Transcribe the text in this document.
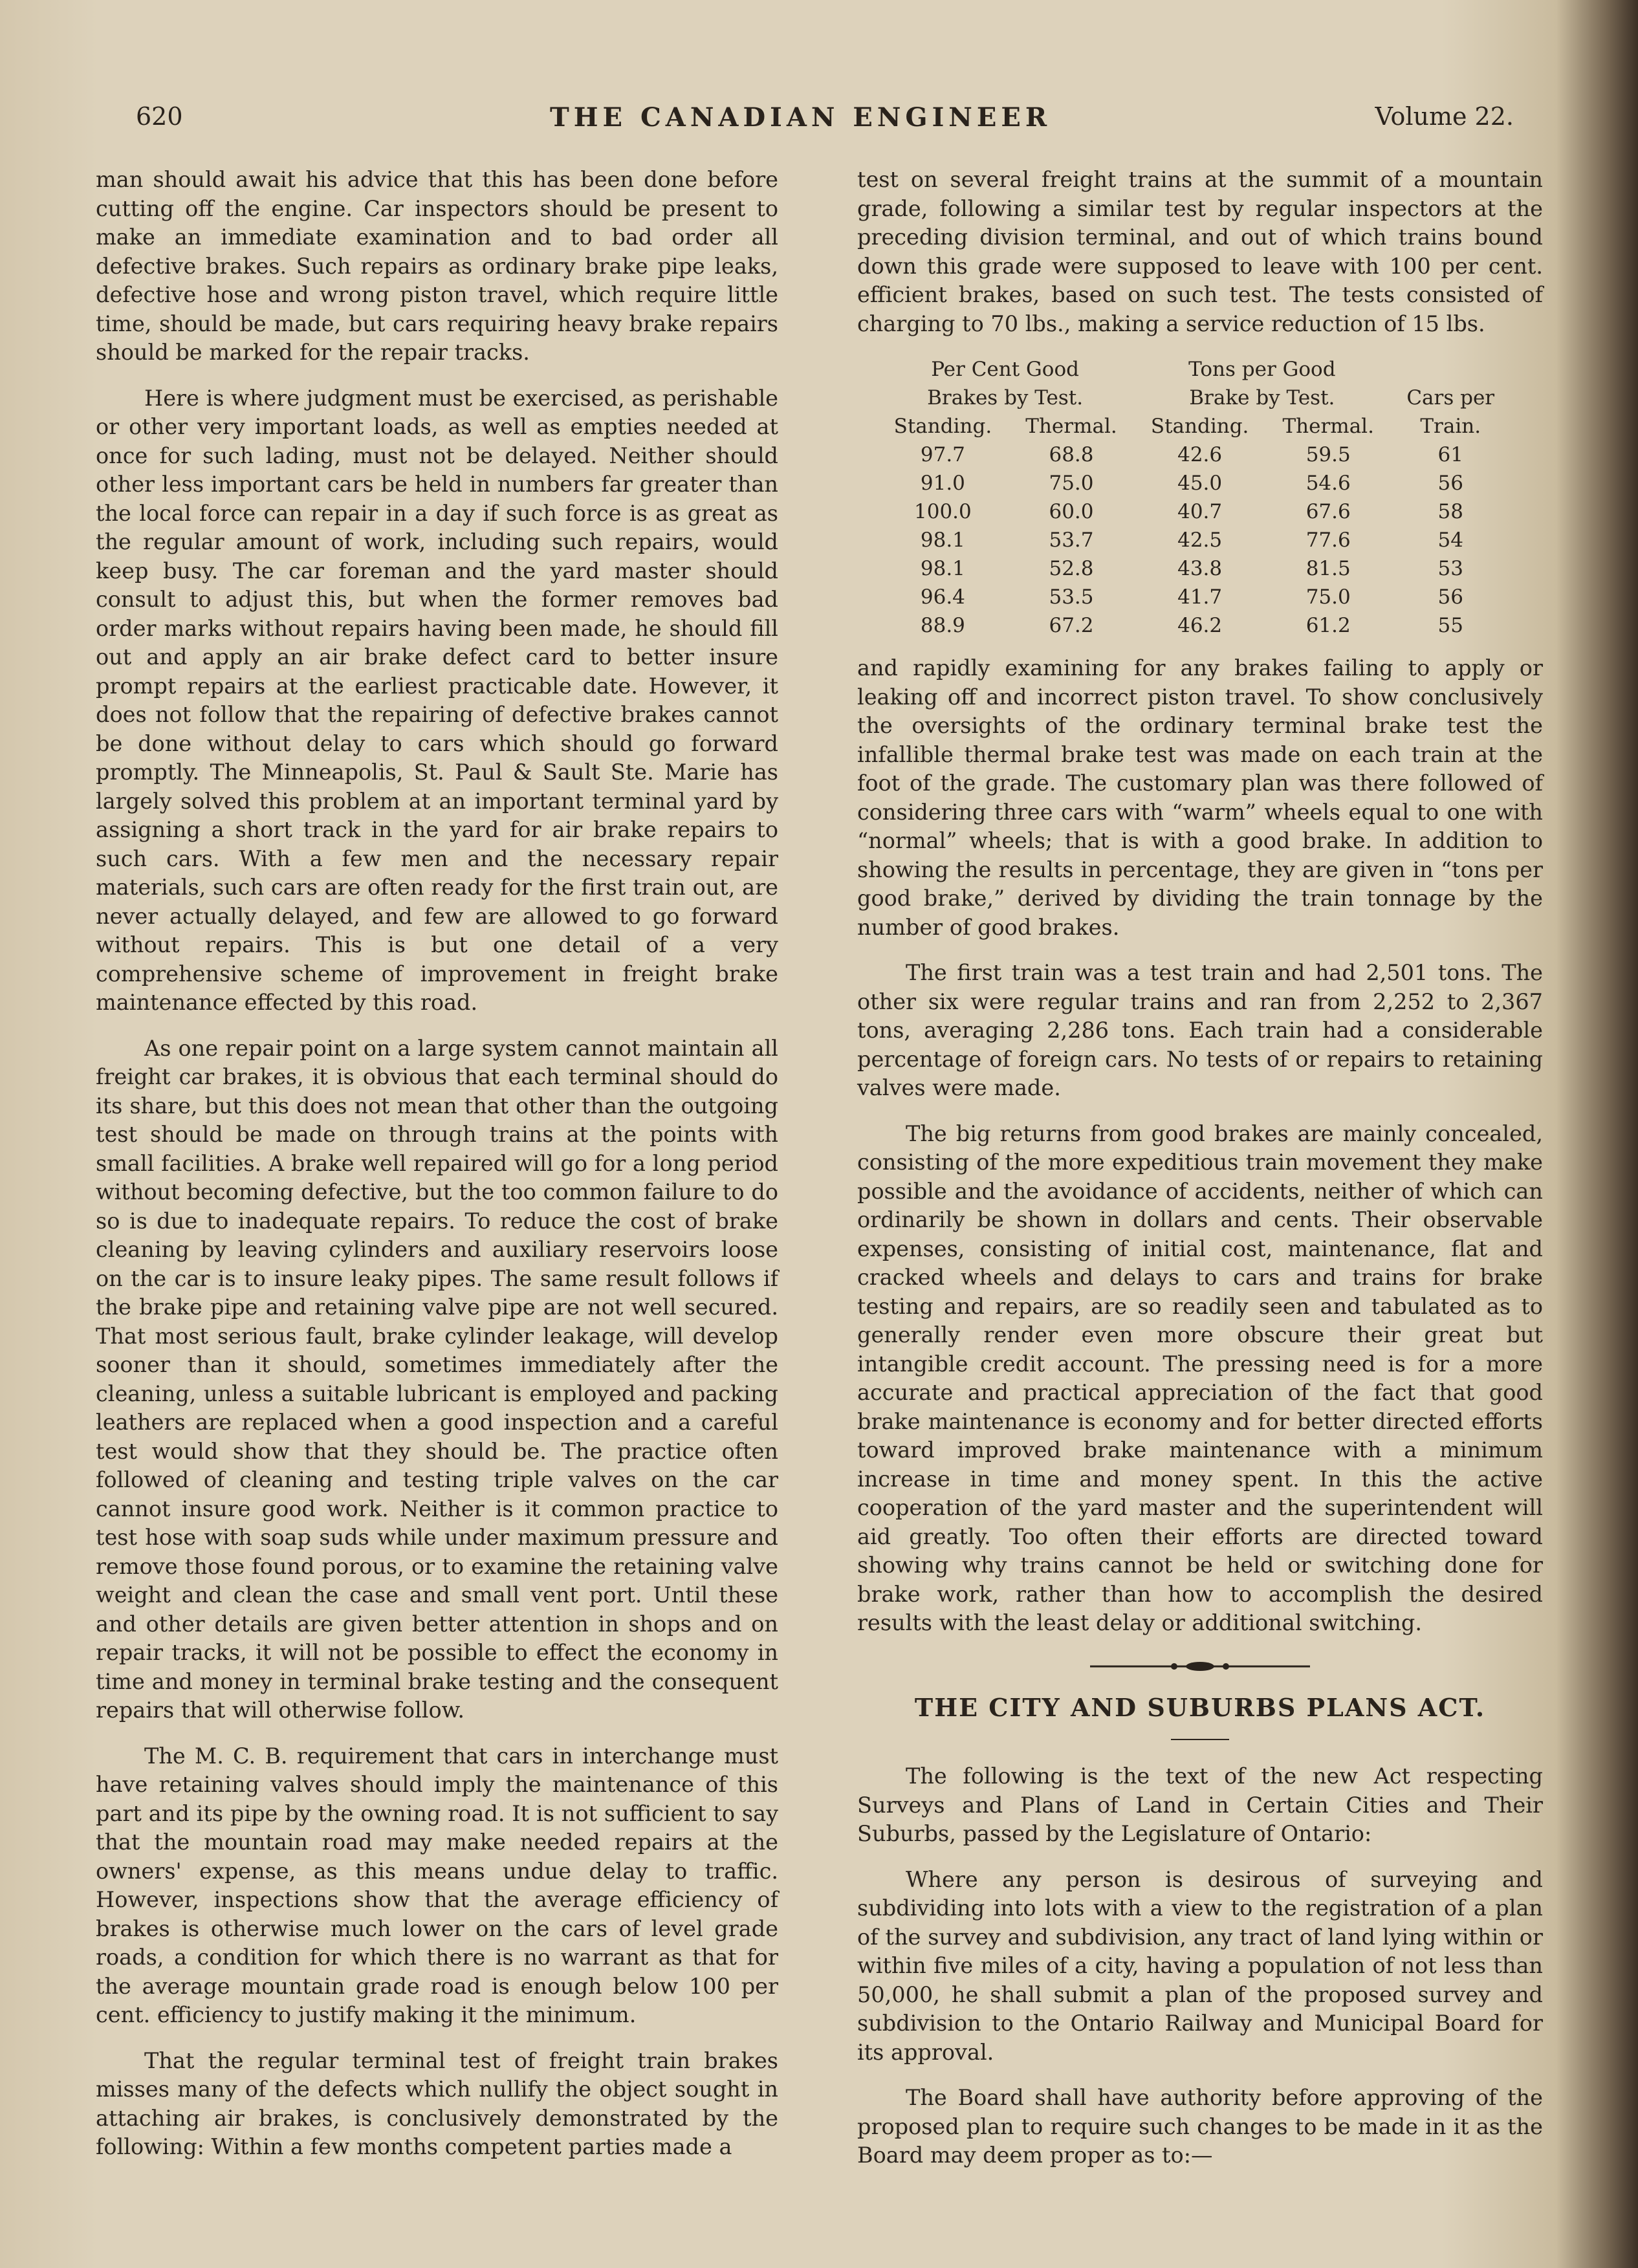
620	THE CANADIAN ENGINEER	Volume 22.

man should await his advice that this has been done before cutting off the engine. Car inspectors should be present to make an immediate examination and to bad order all defective brakes. Such repairs as ordinary brake pipe leaks, defective hose and wrong piston travel, which require little time, should be made, but cars requiring heavy brake repairs should be marked for the repair tracks.

Here is where judgment must be exercised, as perishable or other very important loads, as well as empties needed at once for such lading, must not be delayed. Neither should other less important cars be held in numbers far greater than the local force can repair in a day if such force is as great as the regular amount of work, including such repairs, would keep busy. The car foreman and the yard master should consult to adjust this, but when the former removes bad order marks without repairs having been made, he should fill out and apply an air brake defect card to better insure prompt repairs at the earliest practicable date. However, it does not follow that the repairing of defective brakes cannot be done without delay to cars which should go forward promptly. The Minneapolis, St. Paul & Sault Ste. Marie has largely solved this problem at an important terminal yard by assigning a short track in the yard for air brake repairs to such cars. With a few men and the necessary repair materials, such cars are often ready for the first train out, are never actually delayed, and few are allowed to go forward without repairs. This is but one detail of a very comprehensive scheme of improvement in freight brake maintenance effected by this road.

As one repair point on a large system cannot maintain all freight car brakes, it is obvious that each terminal should do its share, but this does not mean that other than the outgoing test should be made on through trains at the points with small facilities. A brake well repaired will go for a long period without becoming defective, but the too common failure to do so is due to inadequate repairs. To reduce the cost of brake cleaning by leaving cylinders and auxiliary reservoirs loose on the car is to insure leaky pipes. The same result follows if the brake pipe and retaining valve pipe are not well secured. That most serious fault, brake cylinder leakage, will develop sooner than it should, sometimes immediately after the cleaning, unless a suitable lubricant is employed and packing leathers are replaced when a good inspection and a careful test would show that they should be. The practice often followed of cleaning and testing triple valves on the car cannot insure good work. Neither is it common practice to test hose with soap suds while under maximum pressure and remove those found porous, or to examine the retaining valve weight and clean the case and small vent port. Until these and other details are given better attention in shops and on repair tracks, it will not be possible to effect the economy in time and money in terminal brake testing and the consequent repairs that will otherwise follow.

The M. C. B. requirement that cars in interchange must have retaining valves should imply the maintenance of this part and its pipe by the owning road. It is not sufficient to say that the mountain road may make needed repairs at the owners' expense, as this means undue delay to traffic. However, inspections show that the average efficiency of brakes is otherwise much lower on the cars of level grade roads, a condition for which there is no warrant as that for the average mountain grade road is enough below 100 per cent. efficiency to justify making it the minimum.

That the regular terminal test of freight train brakes misses many of the defects which nullify the object sought in attaching air brakes, is conclusively demonstrated by the following: Within a few months competent parties made a

test on several freight trains at the summit of a mountain grade, following a similar test by regular inspectors at the preceding division terminal, and out of which trains bound down this grade were supposed to leave with 100 per cent. efficient brakes, based on such test. The tests consisted of charging to 70 lbs., making a service reduction of 15 lbs.

Per Cent Good		Tons per Good		
Brakes by Test.		Brake by Test.		Cars per
Standing.	Thermal.	Standing.	Thermal.	Train.
97.7	68.8	42.6	59.5	61
91.0	75.0	45.0	54.6	56
100.0	60.0	40.7	67.6	58
98.1	53.7	42.5	77.6	54
98.1	52.8	43.8	81.5	53
96.4	53.5	41.7	75.0	56
88.9	67.2	46.2	61.2	55

and rapidly examining for any brakes failing to apply or leaking off and incorrect piston travel. To show conclusively the oversights of the ordinary terminal brake test the infallible thermal brake test was made on each train at the foot of the grade. The customary plan was there followed of considering three cars with “warm” wheels equal to one with “normal” wheels; that is with a good brake. In addition to showing the results in percentage, they are given in “tons per good brake,” derived by dividing the train tonnage by the number of good brakes.

The first train was a test train and had 2,501 tons. The other six were regular trains and ran from 2,252 to 2,367 tons, averaging 2,286 tons. Each train had a considerable percentage of foreign cars. No tests of or repairs to retaining valves were made.

The big returns from good brakes are mainly concealed, consisting of the more expeditious train movement they make possible and the avoidance of accidents, neither of which can ordinarily be shown in dollars and cents. Their observable expenses, consisting of initial cost, maintenance, flat and cracked wheels and delays to cars and trains for brake testing and repairs, are so readily seen and tabulated as to generally render even more obscure their great but intangible credit account. The pressing need is for a more accurate and practical appreciation of the fact that good brake maintenance is economy and for better directed efforts toward improved brake maintenance with a minimum increase in time and money spent. In this the active cooperation of the yard master and the superintendent will aid greatly. Too often their efforts are directed toward showing why trains cannot be held or switching done for brake work, rather than how to accomplish the desired results with the least delay or additional switching.

THE CITY AND SUBURBS PLANS ACT.

The following is the text of the new Act respecting Surveys and Plans of Land in Certain Cities and Their Suburbs, passed by the Legislature of Ontario:

Where any person is desirous of surveying and subdividing into lots with a view to the registration of a plan of the survey and subdivision, any tract of land lying within or within five miles of a city, having a population of not less than 50,000, he shall submit a plan of the proposed survey and subdivision to the Ontario Railway and Municipal Board for its approval.

The Board shall have authority before approving of the proposed plan to require such changes to be made in it as the Board may deem proper as to:—
